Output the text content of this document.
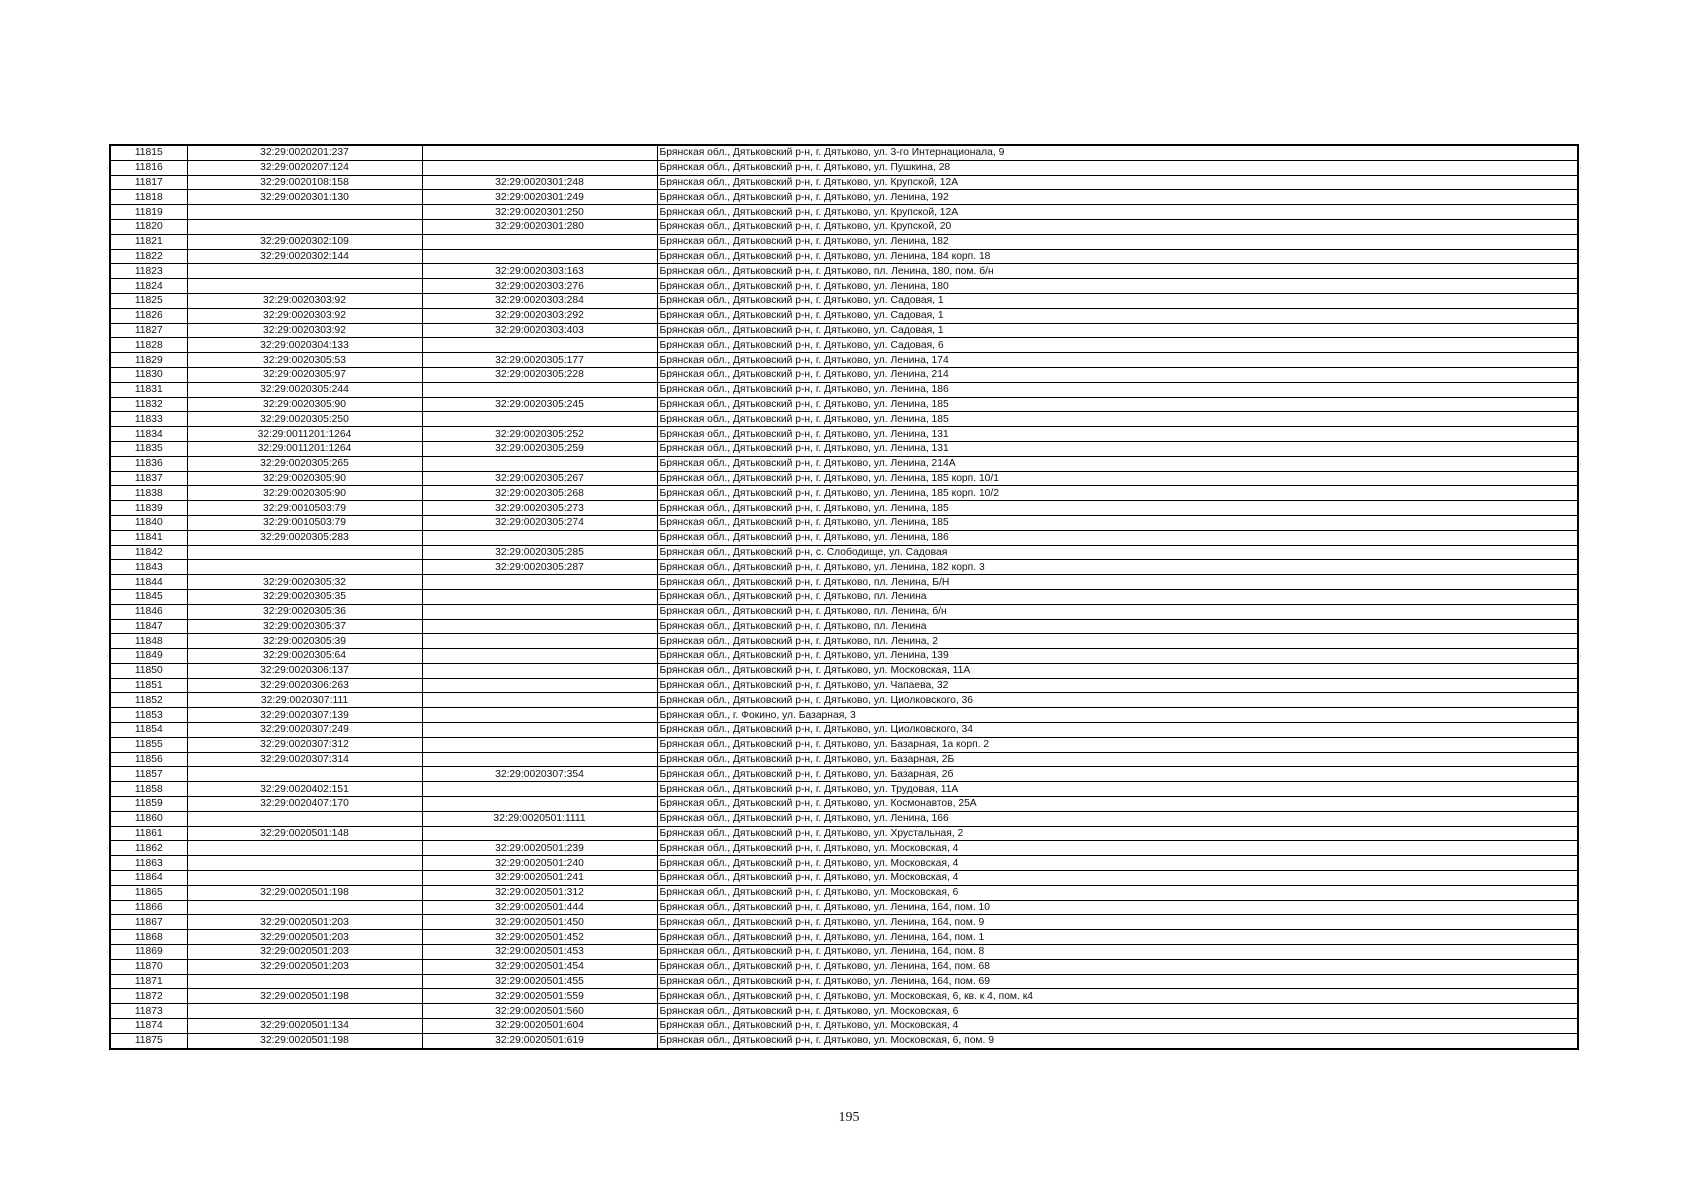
11815	32:29:0020201:237		Брянская обл., Дятьковский р-н, г. Дятьково, ул. 3-го Интернационала, 9
11816	32:29:0020207:124		Брянская обл., Дятьковский р-н, г. Дятьково, ул. Пушкина, 28
11817	32:29:0020108:158	32:29:0020301:248	Брянская обл., Дятьковский р-н, г. Дятьково, ул. Крупской, 12А
11818	32:29:0020301:130	32:29:0020301:249	Брянская обл., Дятьковский р-н, г. Дятьково, ул. Ленина, 192
11819		32:29:0020301:250	Брянская обл., Дятьковский р-н, г. Дятьково, ул. Крупской, 12А
11820		32:29:0020301:280	Брянская обл., Дятьковский р-н, г. Дятьково, ул. Крупской, 20
11821	32:29:0020302:109		Брянская обл., Дятьковский р-н, г. Дятьково, ул. Ленина, 182
11822	32:29:0020302:144		Брянская обл., Дятьковский р-н, г. Дятьково, ул. Ленина, 184 корп. 18
11823		32:29:0020303:163	Брянская обл., Дятьковский р-н, г. Дятьково, пл. Ленина, 180, пом. б/н
11824		32:29:0020303:276	Брянская обл., Дятьковский р-н, г. Дятьково, ул. Ленина, 180
11825	32:29:0020303:92	32:29:0020303:284	Брянская обл., Дятьковский р-н, г. Дятьково, ул. Садовая, 1
11826	32:29:0020303:92	32:29:0020303:292	Брянская обл., Дятьковский р-н, г. Дятьково, ул. Садовая, 1
11827	32:29:0020303:92	32:29:0020303:403	Брянская обл., Дятьковский р-н, г. Дятьково, ул. Садовая, 1
11828	32:29:0020304:133		Брянская обл., Дятьковский р-н, г. Дятьково, ул. Садовая, 6
11829	32:29:0020305:53	32:29:0020305:177	Брянская обл., Дятьковский р-н, г. Дятьково, ул. Ленина, 174
11830	32:29:0020305:97	32:29:0020305:228	Брянская обл., Дятьковский р-н, г. Дятьково, ул. Ленина, 214
11831	32:29:0020305:244		Брянская обл., Дятьковский р-н, г. Дятьково, ул. Ленина, 186
11832	32:29:0020305:90	32:29:0020305:245	Брянская обл., Дятьковский р-н, г. Дятьково, ул. Ленина, 185
11833	32:29:0020305:250		Брянская обл., Дятьковский р-н, г. Дятьково, ул. Ленина, 185
11834	32:29:0011201:1264	32:29:0020305:252	Брянская обл., Дятьковский р-н, г. Дятьково, ул. Ленина, 131
11835	32:29:0011201:1264	32:29:0020305:259	Брянская обл., Дятьковский р-н, г. Дятьково, ул. Ленина, 131
11836	32:29:0020305:265		Брянская обл., Дятьковский р-н, г. Дятьково, ул. Ленина, 214А
11837	32:29:0020305:90	32:29:0020305:267	Брянская обл., Дятьковский р-н, г. Дятьково, ул. Ленина, 185 корп. 10/1
11838	32:29:0020305:90	32:29:0020305:268	Брянская обл., Дятьковский р-н, г. Дятьково, ул. Ленина, 185 корп. 10/2
11839	32:29:0010503:79	32:29:0020305:273	Брянская обл., Дятьковский р-н, г. Дятьково, ул. Ленина, 185
11840	32:29:0010503:79	32:29:0020305:274	Брянская обл., Дятьковский р-н, г. Дятьково, ул. Ленина, 185
11841	32:29:0020305:283		Брянская обл., Дятьковский р-н, г. Дятьково, ул. Ленина, 186
11842		32:29:0020305:285	Брянская обл., Дятьковский р-н, с. Слободище, ул. Садовая
11843		32:29:0020305:287	Брянская обл., Дятьковский р-н, г. Дятьково, ул. Ленина, 182 корп. 3
11844	32:29:0020305:32		Брянская обл., Дятьковский р-н, г. Дятьково, пл. Ленина, Б/Н
11845	32:29:0020305:35		Брянская обл., Дятьковский р-н, г. Дятьково, пл. Ленина
11846	32:29:0020305:36		Брянская обл., Дятьковский р-н, г. Дятьково, пл. Ленина, б/н
11847	32:29:0020305:37		Брянская обл., Дятьковский р-н, г. Дятьково, пл. Ленина
11848	32:29:0020305:39		Брянская обл., Дятьковский р-н, г. Дятьково, пл. Ленина, 2
11849	32:29:0020305:64		Брянская обл., Дятьковский р-н, г. Дятьково, ул. Ленина, 139
11850	32:29:0020306:137		Брянская обл., Дятьковский р-н, г. Дятьково, ул. Московская, 11А
11851	32:29:0020306:263		Брянская обл., Дятьковский р-н, г. Дятьково, ул. Чапаева, 32
11852	32:29:0020307:111		Брянская обл., Дятьковский р-н, г. Дятьково, ул. Циолковского, 36
11853	32:29:0020307:139		Брянская обл., г. Фокино, ул. Базарная, 3
11854	32:29:0020307:249		Брянская обл., Дятьковский р-н, г. Дятьково, ул. Циолковского, 34
11855	32:29:0020307:312		Брянская обл., Дятьковский р-н, г. Дятьково, ул. Базарная, 1а корп. 2
11856	32:29:0020307:314		Брянская обл., Дятьковский р-н, г. Дятьково, ул. Базарная, 2Б
11857		32:29:0020307:354	Брянская обл., Дятьковский р-н, г. Дятьково, ул. Базарная, 2б
11858	32:29:0020402:151		Брянская обл., Дятьковский р-н, г. Дятьково, ул. Трудовая, 11А
11859	32:29:0020407:170		Брянская обл., Дятьковский р-н, г. Дятьково, ул. Космонавтов, 25А
11860		32:29:0020501:1111	Брянская обл., Дятьковский р-н, г. Дятьково, ул. Ленина, 166
11861	32:29:0020501:148		Брянская обл., Дятьковский р-н, г. Дятьково, ул. Хрустальная, 2
11862		32:29:0020501:239	Брянская обл., Дятьковский р-н, г. Дятьково, ул. Московская, 4
11863		32:29:0020501:240	Брянская обл., Дятьковский р-н, г. Дятьково, ул. Московская, 4
11864		32:29:0020501:241	Брянская обл., Дятьковский р-н, г. Дятьково, ул. Московская, 4
11865	32:29:0020501:198	32:29:0020501:312	Брянская обл., Дятьковский р-н, г. Дятьково, ул. Московская, 6
11866		32:29:0020501:444	Брянская обл., Дятьковский р-н, г. Дятьково, ул. Ленина, 164, пом. 10
11867	32:29:0020501:203	32:29:0020501:450	Брянская обл., Дятьковский р-н, г. Дятьково, ул. Ленина, 164, пом. 9
11868	32:29:0020501:203	32:29:0020501:452	Брянская обл., Дятьковский р-н, г. Дятьково, ул. Ленина, 164, пом. 1
11869	32:29:0020501:203	32:29:0020501:453	Брянская обл., Дятьковский р-н, г. Дятьково, ул. Ленина, 164, пом. 8
11870	32:29:0020501:203	32:29:0020501:454	Брянская обл., Дятьковский р-н, г. Дятьково, ул. Ленина, 164, пом. 68
11871		32:29:0020501:455	Брянская обл., Дятьковский р-н, г. Дятьково, ул. Ленина, 164, пом. 69
11872	32:29:0020501:198	32:29:0020501:559	Брянская обл., Дятьковский р-н, г. Дятьково, ул. Московская, 6, кв. к 4, пом. к4
11873		32:29:0020501:560	Брянская обл., Дятьковский р-н, г. Дятьково, ул. Московская, 6
11874	32:29:0020501:134	32:29:0020501:604	Брянская обл., Дятьковский р-н, г. Дятьково, ул. Московская, 4
11875	32:29:0020501:198	32:29:0020501:619	Брянская обл., Дятьковский р-н, г. Дятьково, ул. Московская, 6, пом. 9
195
